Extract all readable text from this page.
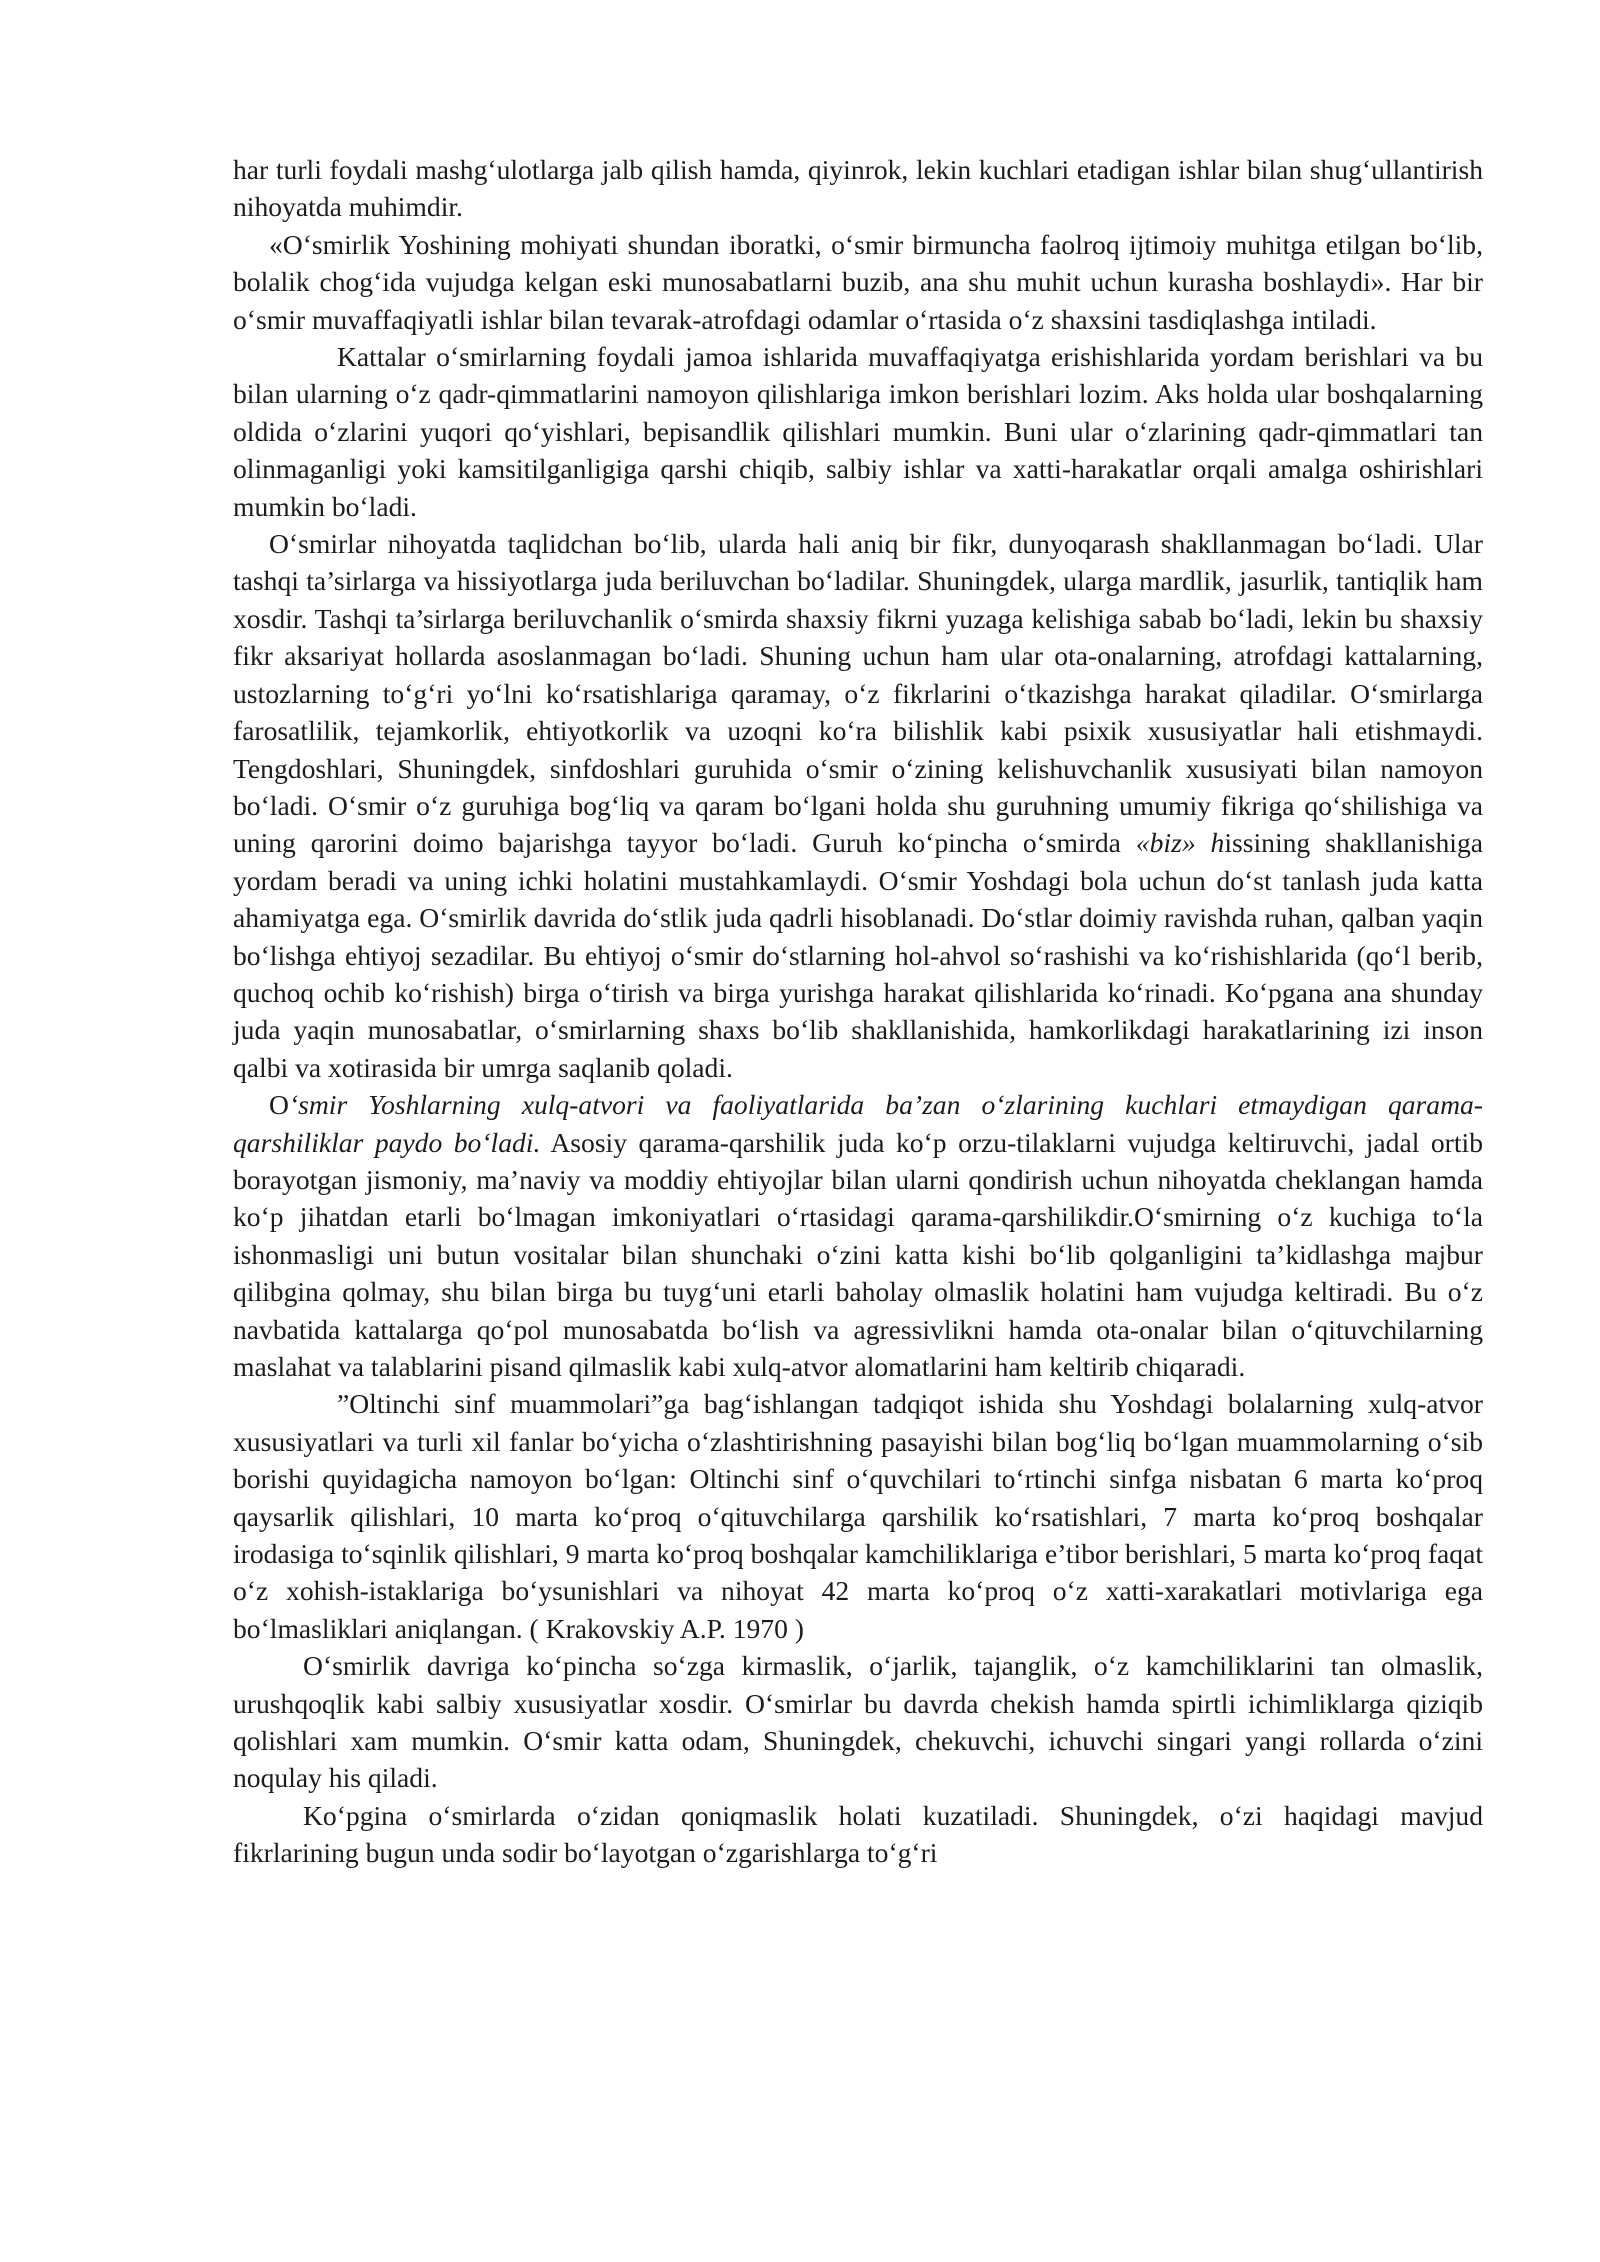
har turli foydali mashg‘ulotlarga jalb qilish hamda, qiyinrok, lekin kuchlari etadigan ishlar bilan shug‘ullantirish nihoyatda muhimdir.

«O‘smirlik Yoshining mohiyati shundan iboratki, o‘smir birmuncha faolroq ijtimoiy muhitga etilgan bo‘lib, bolalik chog‘ida vujudga kelgan eski munosabatlarni buzib, ana shu muhit uchun kurasha boshlaydi». Har bir o‘smir muvaffaqiyatli ishlar bilan tevarak-atrofdagi odamlar o‘rtasida o‘z shaxsini tasdiqlashga intiladi.

Kattalar o‘smirlarning foydali jamoa ishlarida muvaffaqiyatga erishishlarida yordam berishlari va bu bilan ularning o‘z qadr-qimmatlarini namoyon qilishlariga imkon berishlari lozim. Aks holda ular boshqalarning oldida o‘zlarini yuqori qo‘yishlari, bepisandlik qilishlari mumkin. Buni ular o‘zlarining qadr-qimmatlari tan olinmaganligi yoki kamsitilganligiga qarshi chiqib, salbiy ishlar va xatti-harakatlar orqali amalga oshirishlari mumkin bo‘ladi.

O‘smirlar nihoyatda taqlidchan bo‘lib, ularda hali aniq bir fikr, dunyoqarash shakllanmagan bo‘ladi. Ular tashqi ta’sirlarga va hissiyotlarga juda beriluvchan bo‘ladilar. Shuningdek, ularga mardlik, jasurlik, tantiqlik ham xosdir. Tashqi ta’sirlarga beriluvchanlik o‘smirda shaxsiy fikrni yuzaga kelishiga sabab bo‘ladi, lekin bu shaxsiy fikr aksariyat hollarda asoslanmagan bo‘ladi. Shuning uchun ham ular ota-onalarning, atrofdagi kattalarning, ustozlarning to‘g‘ri yo‘lni ko‘rsatishlariga qaramay, o‘z fikrlarini o‘tkazishga harakat qiladilar. O‘smirlarga farosatlilik, tejamkorlik, ehtiyotkorlik va uzoqni ko‘ra bilishlik kabi psixik xususiyatlar hali etishmaydi. Tengdoshlari, Shuningdek, sinfdoshlari guruhida o‘smir o‘zining kelishuvchanlik xususiyati bilan namoyon bo‘ladi. O‘smir o‘z guruhiga bog‘liq va qaram bo‘lgani holda shu guruhning umumiy fikriga qo‘shilishiga va uning qarorini doimo bajarishga tayyor bo‘ladi. Guruh ko‘pincha o‘smirda «biz» hissining shakllanishiga yordam beradi va uning ichki holatini mustahkamlaydi. O‘smir Yoshdagi bola uchun do‘st tanlash juda katta ahamiyatga ega. O‘smirlik davrida do‘stlik juda qadrli hisoblanadi. Do‘stlar doimiy ravishda ruhan, qalban yaqin bo‘lishga ehtiyoj sezadilar. Bu ehtiyoj o‘smir do‘stlarning hol-ahvol so‘rashishi va ko‘rishishlarida (qo‘l berib, quchoq ochib ko‘rishish) birga o‘tirish va birga yurishga harakat qilishlarida ko‘rinadi. Ko‘pgana ana shunday juda yaqin munosabatlar, o‘smirlarning shaxs bo‘lib shakllanishida, hamkorlikdagi harakatlarining izi inson qalbi va xotirasida bir umrga saqlanib qoladi.

O‘smir Yoshlarning xulq-atvori va faoliyatlarida ba’zan o‘zlarining kuchlari etmaydigan qarama-qarshiliklar paydo bo‘ladi. Asosiy qarama-qarshilik juda ko‘p orzu-tilaklarni vujudga keltiruvchi, jadal ortib borayotgan jismoniy, ma’naviy va moddiy ehtiyojlar bilan ularni qondirish uchun nihoyatda cheklangan hamda ko‘p jihatdan etarli bo‘lmagan imkoniyatlari o‘rtasidagi qarama-qarshilikdir.O‘smirning o‘z kuchiga to‘la ishonmasligi uni butun vositalar bilan shunchaki o‘zini katta kishi bo‘lib qolganligini ta’kidlashga majbur qilibgina qolmay, shu bilan birga bu tuyg‘uni etarli baholay olmaslik holatini ham vujudga keltiradi. Bu o‘z navbatida kattalarga qo‘pol munosabatda bo‘lish va agressivlikni hamda ota-onalar bilan o‘qituvchilarning maslahat va talablarini pisand qilmaslik kabi xulq-atvor alomatlarini ham keltirib chiqaradi.

”Oltinchi sinf muammolari”ga bag‘ishlangan tadqiqot ishida shu Yoshdagi bolalarning xulq-atvor xususiyatlari va turli xil fanlar bo‘yicha o‘zlashtirishning pasayishi bilan bog‘liq bo‘lgan muammolarning o‘sib borishi quyidagicha namoyon bo‘lgan: Oltinchi sinf o‘quvchilari to‘rtinchi sinfga nisbatan 6 marta ko‘proq qaysarlik qilishlari, 10 marta ko‘proq o‘qituvchilarga qarshilik ko‘rsatishlari, 7 marta ko‘proq boshqalar irodasiga to‘sqinlik qilishlari, 9 marta ko‘proq boshqalar kamchiliklariga e’tibor berishlari, 5 marta ko‘proq faqat o‘z xohish-istaklariga bo‘ysunishlari va nihoyat 42 marta ko‘proq o‘z xatti-xarakatlari motivlariga ega bo‘lmasliklari aniqlangan. ( Krakovskiy A.P. 1970 )

O‘smirlik davriga ko‘pincha so‘zga kirmaslik, o‘jarlik, tajanglik, o‘z kamchiliklarini tan olmaslik, urushqoqlik kabi salbiy xususiyatlar xosdir. O‘smirlar bu davrda chekish hamda spirtli ichimliklarga qiziqib qolishlari xam mumkin. O‘smir katta odam, Shuningdek, chekuvchi, ichuvchi singari yangi rollarda o‘zini noqulay his qiladi.

Ko‘pgina o‘smirlarda o‘zidan qoniqmaslik holati kuzatiladi. Shuningdek, o‘zi haqidagi mavjud fikrlarining bugun unda sodir bo‘layotgan o‘zgarishlarga to‘g‘ri
